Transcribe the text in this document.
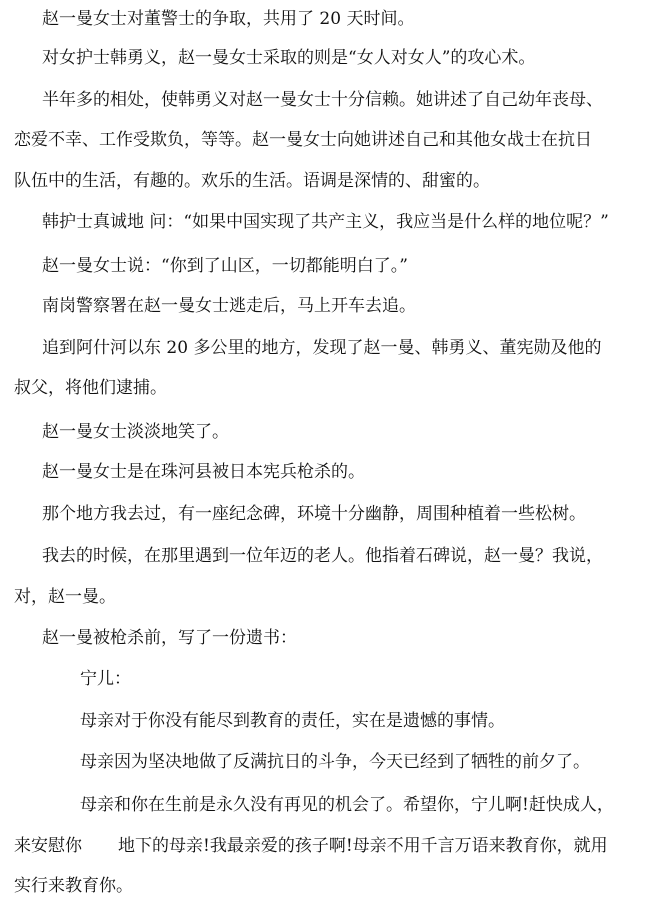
赵一曼女士对董警士的争取，共用了 20 天时间。
对女护士韩勇义，赵一曼女士采取的则是“女人对女人”的攻心术。
半年多的相处，使韩勇义对赵一曼女士十分信赖。她讲述了自己幼年丧母、
恋爱不幸、工作受欺负，等等。赵一曼女士向她讲述自己和其他女战士在抗日
队伍中的生活，有趣的。欢乐的生活。语调是深情的、甜蜜的。
韩护士真诚地 问：“如果中国实现了共产主义，我应当是什么样的地位呢？”
赵一曼女士说：“你到了山区，一切都能明白了。”
南岗警察署在赵一曼女士逃走后，马上开车去追。
追到阿什河以东 20 多公里的地方，发现了赵一曼、韩勇义、董宪勋及他的
叔父，将他们逮捕。
赵一曼女士淡淡地笑了。
赵一曼女士是在珠河县被日本宪兵枪杀的。
那个地方我去过，有一座纪念碑，环境十分幽静，周围种植着一些松树。
我去的时候，在那里遇到一位年迈的老人。他指着石碑说，赵一曼？我说，
对，赵一曼。
赵一曼被枪杀前，写了一份遗书：
宁儿：
母亲对于你没有能尽到教育的责任，实在是遗憾的事情。
母亲因为坚决地做了反满抗日的斗争，今天已经到了牺牲的前夕了。
母亲和你在生前是永久没有再见的机会了。希望你，宁儿啊!赶快成人，
来安慰你 地下的母亲!我最亲爱的孩子啊!母亲不用千言万语来教育你，就用
实行来教育你。
